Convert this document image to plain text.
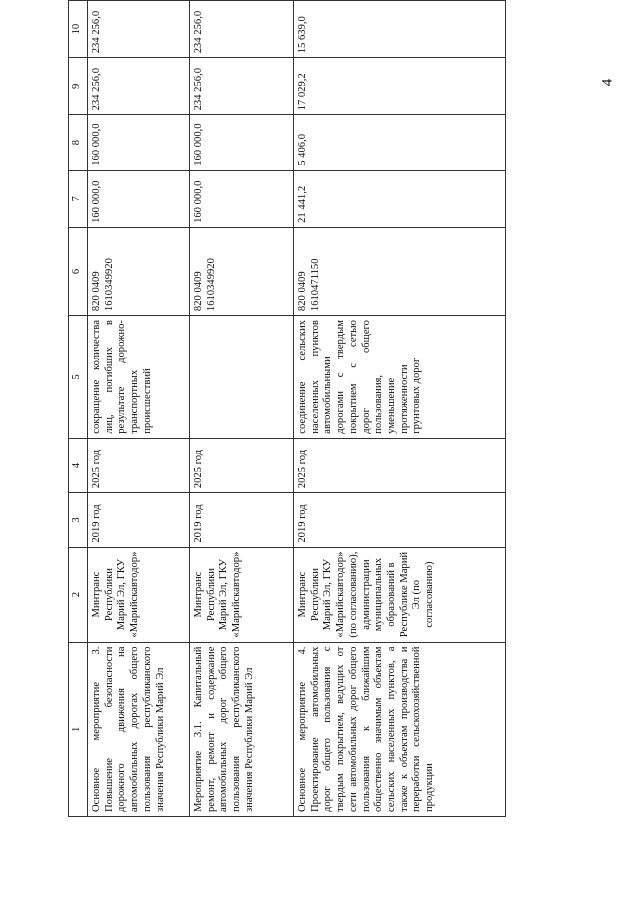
4
1	2	3	4	5	6	7	8	9	10
Основное мероприятие 3. Повышение безопасности дорожного движения на автомобильных дорогах общего пользования республиканского значения Республики Марий Эл	Минтранс Республики Марий Эл, ГКУ «Марийскавтодор»	2019 год	2025 год	сокращение количества лиц, погибших в результате дорожно-транспортных происшествий	820 0409 1610349920	160 000,0	160 000,0	234 256,0	234 256,0
Мероприятие 3.1. Капитальный ремонт, ремонт и содержание автомобильных дорог общего пользования республиканского значения Республики Марий Эл	Минтранс Республики Марий Эл, ГКУ «Марийскавтодор»	2019 год	2025 год		820 0409 1610349920	160 000,0	160 000,0	234 256,0	234 256,0
Основное мероприятие 4. Проектирование автомобильных дорог общего пользования с твердым покрытием, ведущих от сети автомобильных дорог общего пользования к ближайшим общественно значимым объектам сельских населенных пунктов, а также к объектам производства и переработки сельскохозяйственной продукции	Минтранс Республики Марий Эл, ГКУ «Марийскавтодор» (по согласованию), администрации муниципальных образований в Республике Марий Эл (по согласованию)	2019 год	2025 год	соединение сельских населенных пунктов автомобильными дорогами с твердым покрытием с сетью дорог общего пользования, уменьшение протяженности грунтовых дорог	820 0409 1610471150	21 441,2	5 406,0	17 029,2	15 639,0
